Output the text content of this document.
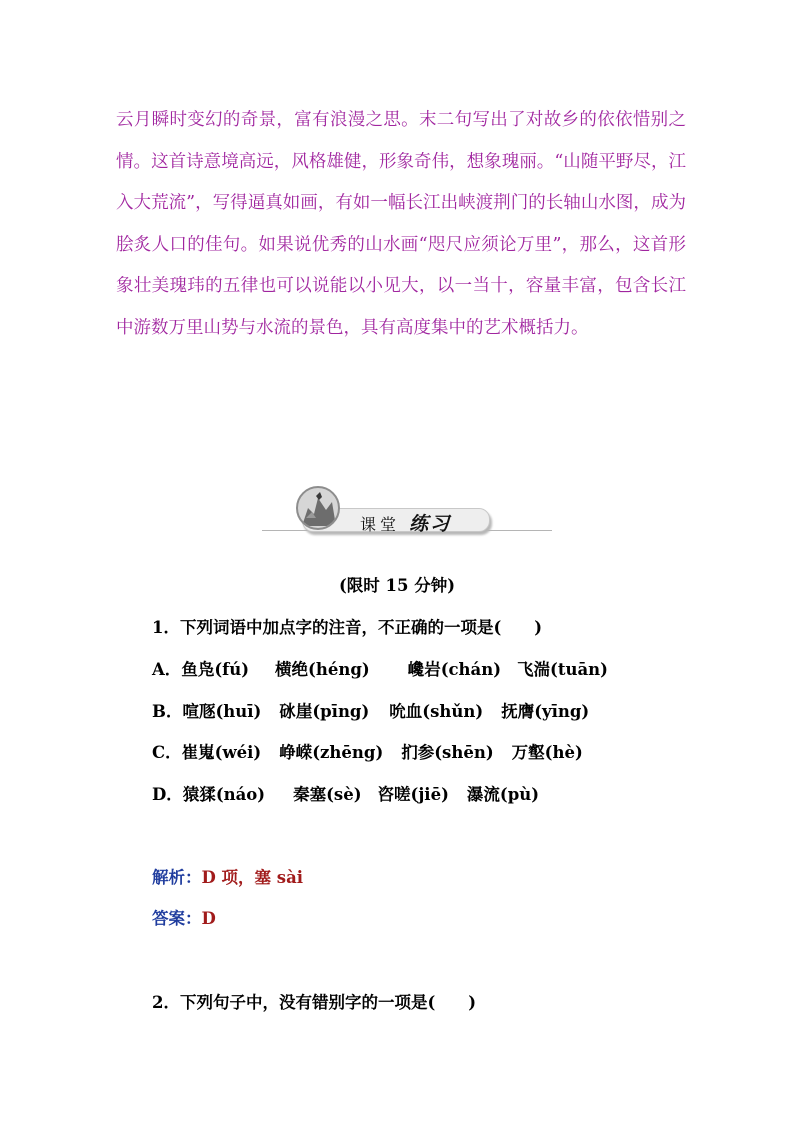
云月瞬时变幻的奇景，富有浪漫之思。末二句写出了对故乡的依依惜别之情。这首诗意境高远，风格雄健，形象奇伟，想象瑰丽。“山随平野尽，江入大荒流”，写得逼真如画，有如一幅长江出峡渡荆门的长轴山水图，成为脍炙人口的佳句。如果说优秀的山水画“咫尺应须论万里”，那么，这首形象壮美瑰玮的五律也可以说能以小见大，以一当十，容量丰富，包含长江中游数万里山势与水流的景色，具有高度集中的艺术概括力。

课堂 练习
(限时 15 分钟)
1．下列词语中加点字的注音，不正确的一项是(　　)
A．鱼凫(fú) 横绝(héng) 巉岩(chán) 飞湍(tuān)
B．喧豗(huī) 砯崖(pīng) 吮血(shǔn) 抚膺(yīng)
C．崔嵬(wéi) 峥嵘(zhēng) 扪参(shēn) 万壑(hè)
D．猿猱(náo) 秦塞(sè) 咨嗟(jiē) 瀑流(pù)
解析：D 项，塞 sài
答案：D
2．下列句子中，没有错别字的一项是(　　)
